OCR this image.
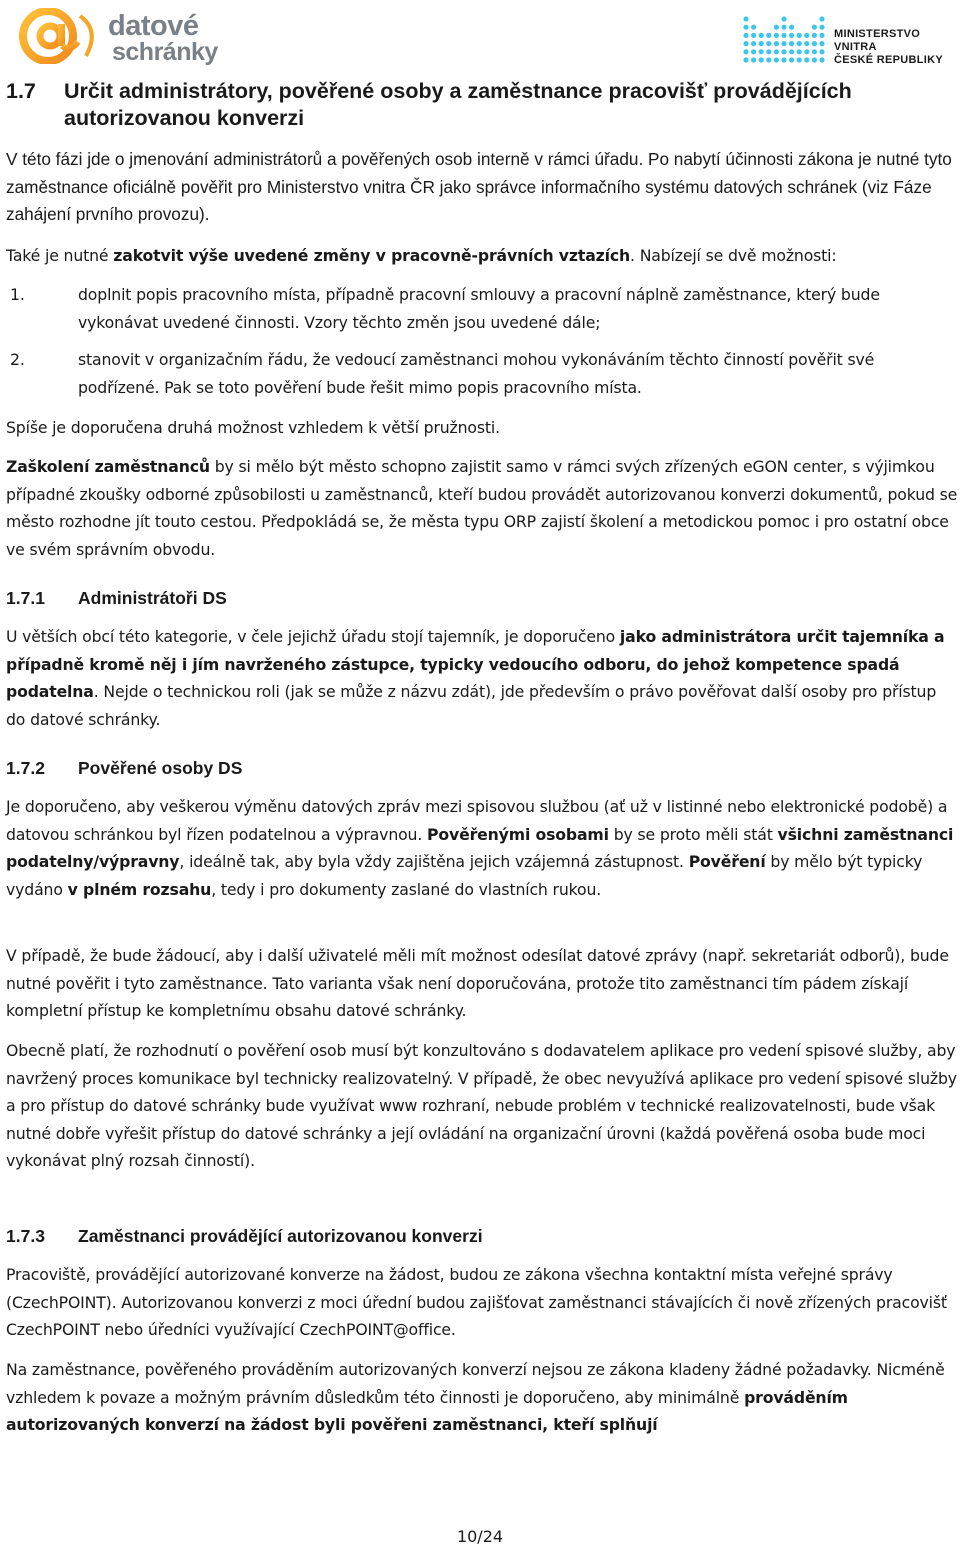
datové
schránky
MINISTERSTVO VNITRA
ČESKÉ REPUBLIKY
1.7 Určit administrátory, pověřené osoby a zaměstnance pracovišť provádějících autorizovanou konverzi
V této fázi jde o jmenování administrátorů a pověřených osob interně v rámci úřadu. Po nabytí účinnosti zákona je nutné tyto zaměstnance oficiálně pověřit pro Ministerstvo vnitra ČR jako správce informačního systému datových schránek (viz Fáze zahájení prvního provozu).
Také je nutné zakotvit výše uvedené změny v pracovně-právních vztazích. Nabízejí se dvě možnosti:
1.	doplnit popis pracovního místa, případně pracovní smlouvy a pracovní náplně zaměstnance, který bude vykonávat uvedené činnosti. Vzory těchto změn jsou uvedené dále;
2.	stanovit v organizačním řádu, že vedoucí zaměstnanci mohou vykonáváním těchto činností pověřit své podřízené. Pak se toto pověření bude řešit mimo popis pracovního místa.
Spíše je doporučena druhá možnost vzhledem k větší pružnosti.
Zaškolení zaměstnanců by si mělo být město schopno zajistit samo v rámci svých zřízených eGON center, s výjimkou případné zkoušky odborné způsobilosti u zaměstnanců, kteří budou provádět autorizovanou konverzi dokumentů, pokud se město rozhodne jít touto cestou. Předpokládá se, že města typu ORP zajistí školení a metodickou pomoc i pro ostatní obce ve svém správním obvodu.
1.7.1 Administrátoři DS
U větších obcí této kategorie, v čele jejichž úřadu stojí tajemník, je doporučeno jako administrátora určit tajemníka a případně kromě něj i jím navrženého zástupce, typicky vedoucího odboru, do jehož kompetence spadá podatelna. Nejde o technickou roli (jak se může z názvu zdát), jde především o právo pověřovat další osoby pro přístup do datové schránky.
1.7.2 Pověřené osoby DS
Je doporučeno, aby veškerou výměnu datových zpráv mezi spisovou službou (ať už v listinné nebo elektronické podobě) a datovou schránkou byl řízen podatelnou a výpravnou. Pověřenými osobami by se proto měli stát všichni zaměstnanci podatelny/výpravny, ideálně tak, aby byla vždy zajištěna jejich vzájemná zástupnost. Pověření by mělo být typicky vydáno v plném rozsahu, tedy i pro dokumenty zaslané do vlastních rukou.
V případě, že bude žádoucí, aby i další uživatelé měli mít možnost odesílat datové zprávy (např. sekretariát odborů), bude nutné pověřit i tyto zaměstnance. Tato varianta však není doporučována, protože tito zaměstnanci tím pádem získají kompletní přístup ke kompletnímu obsahu datové schránky.
Obecně platí, že rozhodnutí o pověření osob musí být konzultováno s dodavatelem aplikace pro vedení spisové služby, aby navržený proces komunikace byl technicky realizovatelný. V případě, že obec nevyužívá aplikace pro vedení spisové služby a pro přístup do datové schránky bude využívat www rozhraní, nebude problém v technické realizovatelnosti, bude však nutné dobře vyřešit přístup do datové schránky a její ovládání na organizační úrovni (každá pověřená osoba bude moci vykonávat plný rozsah činností).
1.7.3 Zaměstnanci provádějící autorizovanou konverzi
Pracoviště, provádějící autorizované konverze na žádost, budou ze zákona všechna kontaktní místa veřejné správy (CzechPOINT). Autorizovanou konverzi z moci úřední budou zajišťovat zaměstnanci stávajících či nově zřízených pracovišť CzechPOINT nebo úředníci využívající CzechPOINT@office.
Na zaměstnance, pověřeného prováděním autorizovaných konverzí nejsou ze zákona kladeny žádné požadavky. Nicméně vzhledem k povaze a možným právním důsledkům této činnosti je doporučeno, aby minimálně prováděním autorizovaných konverzí na žádost byli pověřeni zaměstnanci, kteří splňují
10/24
